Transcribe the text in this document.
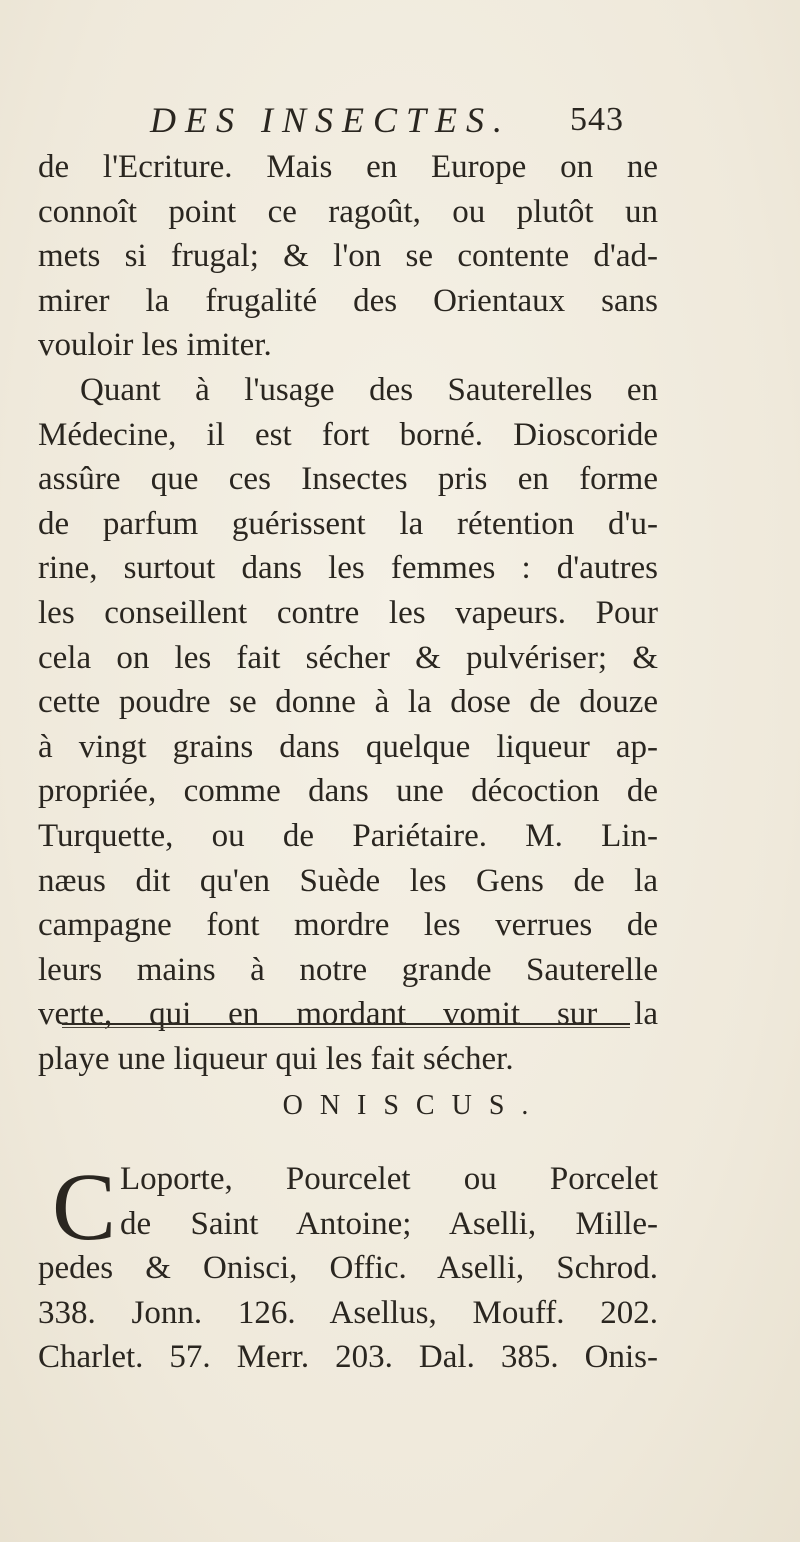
DES INSECTES. 543
de l'Ecriture. Mais en Europe on ne
connoît point ce ragoût, ou plutôt un
mets si frugal; & l'on se contente d'ad-
mirer la frugalité des Orientaux sans
vouloir les imiter.
Quant à l'usage des Sauterelles en
Médecine, il est fort borné. Dioscoride
assûre que ces Insectes pris en forme
de parfum guérissent la rétention d'u-
rine, surtout dans les femmes : d'autres
les conseillent contre les vapeurs. Pour
cela on les fait sécher & pulvériser; &
cette poudre se donne à la dose de douze
à vingt grains dans quelque liqueur ap-
propriée, comme dans une décoction de
Turquette, ou de Pariétaire. M. Lin-
næus dit qu'en Suède les Gens de la
campagne font mordre les verrues de
leurs mains à notre grande Sauterelle
verte, qui en mordant vomit sur la
playe une liqueur qui les fait sécher.
ONISCUS.
C Loporte, Pourcelet ou Porcelet
de Saint Antoine; Aselli, Mille-
pedes & Onisci, Offic. Aselli, Schrod.
338. Jonn. 126. Asellus, Mouff. 202.
Charlet. 57. Merr. 203. Dal. 385. Onis-
